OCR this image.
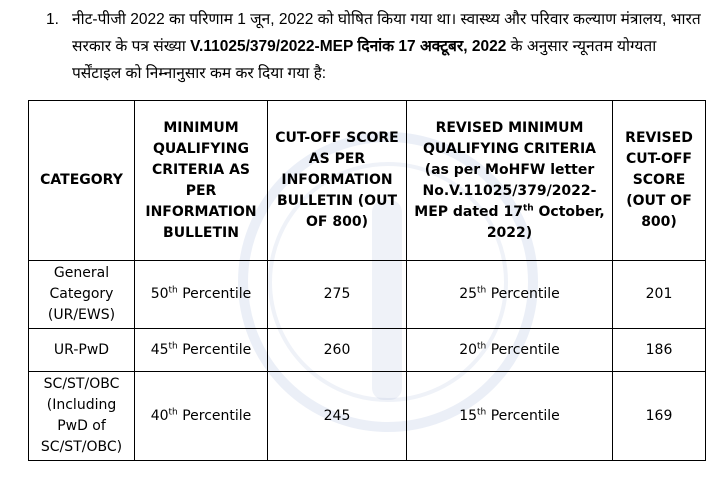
1. नीट-पीजी 2022 का परिणाम 1 जून, 2022 को घोषित किया गया था। स्वास्थ्य और परिवार कल्याण मंत्रालय, भारत सरकार के पत्र संख्या V.11025/379/2022-MEP दिनांक 17 अक्टूबर, 2022 के अनुसार न्यूनतम योग्यता पर्सेंटाइल को निम्नानुसार कम कर दिया गया है:
CATEGORY	MINIMUM QUALIFYING CRITERIA AS PER INFORMATION BULLETIN	CUT-OFF SCORE AS PER INFORMATION BULLETIN (OUT OF 800)	REVISED MINIMUM QUALIFYING CRITERIA (as per MoHFW letter No.V.11025/379/2022-MEP dated 17th October, 2022)	REVISED CUT-OFF SCORE (OUT OF 800)
General Category (UR/EWS)	50th Percentile	275	25th Percentile	201
UR-PwD	45th Percentile	260	20th Percentile	186
SC/ST/OBC (Including PwD of SC/ST/OBC)	40th Percentile	245	15th Percentile	169
